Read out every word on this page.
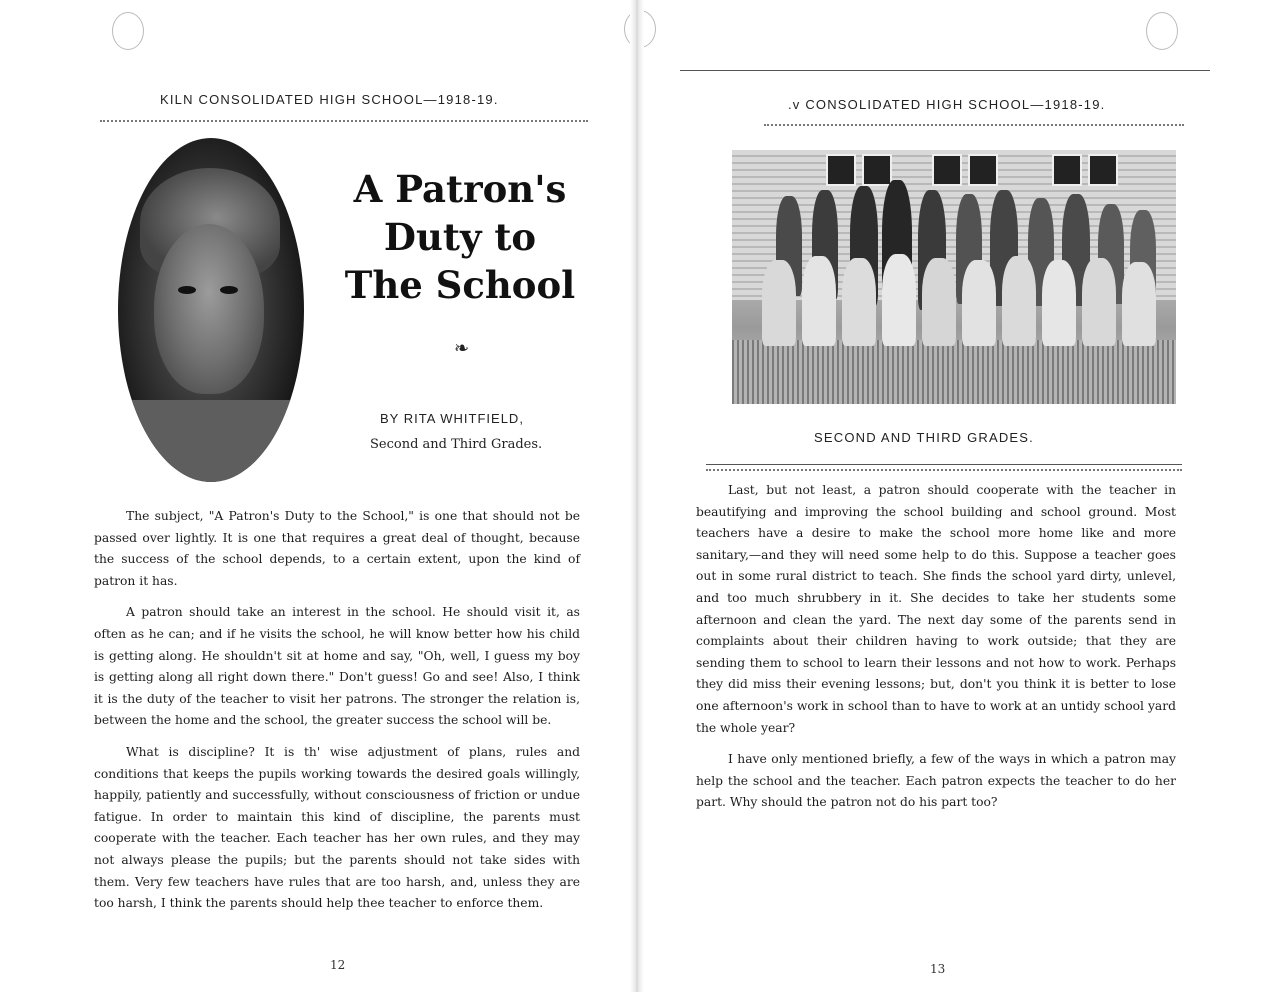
KILN CONSOLIDATED HIGH SCHOOL—1918-19.
A Patron's
Duty to
The School
❧
BY RITA WHITFIELD,
Second and Third Grades.

The subject, "A Patron's Duty to the School," is one that should not be passed over lightly. It is one that requires a great deal of thought, because the success of the school depends, to a certain extent, upon the kind of patron it has.

A patron should take an interest in the school. He should visit it, as often as he can; and if he visits the school, he will know better how his child is getting along. He shouldn't sit at home and say, "Oh, well, I guess my boy is getting along all right down there." Don't guess! Go and see! Also, I think it is the duty of the teacher to visit her patrons. The stronger the relation is, between the home and the school, the greater success the school will be.

What is discipline? It is th' wise adjustment of plans, rules and conditions that keeps the pupils working towards the desired goals willingly, happily, patiently and successfully, without consciousness of friction or undue fatigue. In order to maintain this kind of discipline, the parents must cooperate with the teacher. Each teacher has her own rules, and they may not always please the pupils; but the parents should not take sides with them. Very few teachers have rules that are too harsh, and, unless they are too harsh, I think the parents should help thee teacher to enforce them.

12
.v CONSOLIDATED HIGH SCHOOL—1918-19.
SECOND AND THIRD GRADES.

Last, but not least, a patron should cooperate with the teacher in beautifying and improving the school building and school ground. Most teachers have a desire to make the school more home like and more sanitary,—and they will need some help to do this. Suppose a teacher goes out in some rural district to teach. She finds the school yard dirty, unlevel, and too much shrubbery in it. She decides to take her students some afternoon and clean the yard. The next day some of the parents send in complaints about their children having to work outside; that they are sending them to school to learn their lessons and not how to work. Perhaps they did miss their evening lessons; but, don't you think it is better to lose one afternoon's work in school than to have to work at an untidy school yard the whole year?

I have only mentioned briefly, a few of the ways in which a patron may help the school and the teacher. Each patron expects the teacher to do her part. Why should the patron not do his part too?

13
